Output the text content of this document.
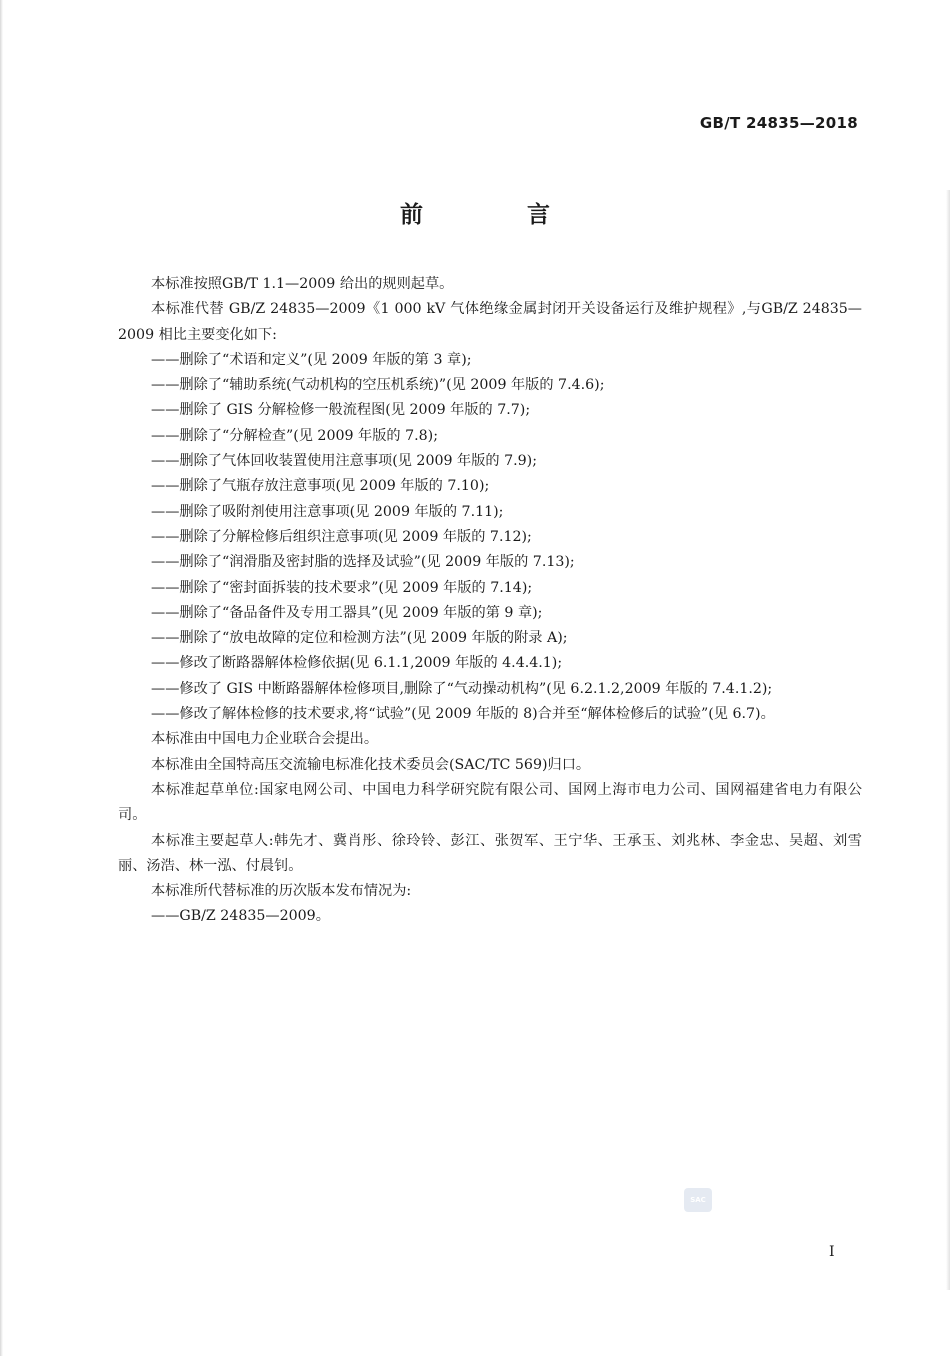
GB/T 24835—2018
前 言

本标准按照GB/T 1.1—2009 给出的规则起草。

本标准代替 GB/Z 24835—2009《1 000 kV 气体绝缘金属封闭开关设备运行及维护规程》,与GB/Z 24835—2009 相比主要变化如下:

——删除了“术语和定义”(见 2009 年版的第 3 章);

——删除了“辅助系统(气动机构的空压机系统)”(见 2009 年版的 7.4.6);

——删除了 GIS 分解检修一般流程图(见 2009 年版的 7.7);

——删除了“分解检查”(见 2009 年版的 7.8);

——删除了气体回收装置使用注意事项(见 2009 年版的 7.9);

——删除了气瓶存放注意事项(见 2009 年版的 7.10);

——删除了吸附剂使用注意事项(见 2009 年版的 7.11);

——删除了分解检修后组织注意事项(见 2009 年版的 7.12);

——删除了“润滑脂及密封脂的选择及试验”(见 2009 年版的 7.13);

——删除了“密封面拆装的技术要求”(见 2009 年版的 7.14);

——删除了“备品备件及专用工器具”(见 2009 年版的第 9 章);

——删除了“放电故障的定位和检测方法”(见 2009 年版的附录 A);

——修改了断路器解体检修依据(见 6.1.1,2009 年版的 4.4.4.1);

——修改了 GIS 中断路器解体检修项目,删除了“气动操动机构”(见 6.2.1.2,2009 年版的 7.4.1.2);

——修改了解体检修的技术要求,将“试验”(见 2009 年版的 8)合并至“解体检修后的试验”(见 6.7)。

本标准由中国电力企业联合会提出。

本标准由全国特高压交流输电标准化技术委员会(SAC/TC 569)归口。

本标准起草单位:国家电网公司、中国电力科学研究院有限公司、国网上海市电力公司、国网福建省电力有限公司。

本标准主要起草人:韩先才、冀肖彤、徐玲铃、彭江、张贺军、王宁华、王承玉、刘兆林、李金忠、吴超、刘雪丽、汤浩、林一泓、付晨钊。

本标准所代替标准的历次版本发布情况为:

——GB/Z 24835—2009。

SAC
I
